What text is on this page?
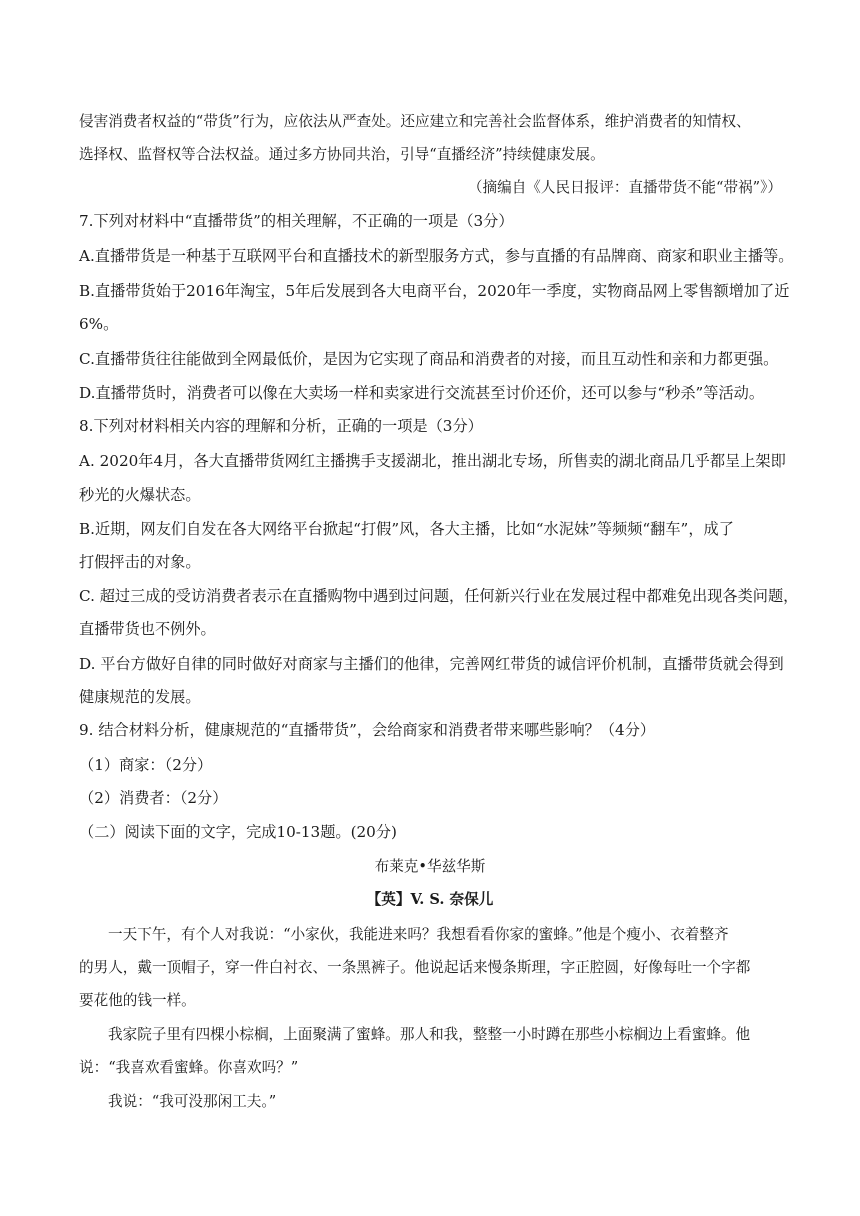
侵害消费者权益的“带货”行为，应依法从严查处。还应建立和完善社会监督体系，维护消费者的知情权、
选择权、监督权等合法权益。通过多方协同共治，引导“直播经济”持续健康发展。
（摘编自《人民日报评：直播带货不能“带祸”》）
7.下列对材料中“直播带货”的相关理解，不正确的一项是（3分）
A.直播带货是一种基于互联网平台和直播技术的新型服务方式，参与直播的有品牌商、商家和职业主播等。
B.直播带货始于2016年淘宝，5年后发展到各大电商平台，2020年一季度，实物商品网上零售额增加了近
6%。
C.直播带货往往能做到全网最低价，是因为它实现了商品和消费者的对接，而且互动性和亲和力都更强。
D.直播带货时，消费者可以像在大卖场一样和卖家进行交流甚至讨价还价，还可以参与“秒杀”等活动。
8.下列对材料相关内容的理解和分析，正确的一项是（3分）
A. 2020年4月，各大直播带货网红主播携手支援湖北，推出湖北专场，所售卖的湖北商品几乎都呈上架即
秒光的火爆状态。
B.近期，网友们自发在各大网络平台掀起“打假”风，各大主播，比如“水泥妹”等频频“翻车”，成了
打假抨击的对象。
C. 超过三成的受访消费者表示在直播购物中遇到过问题，任何新兴行业在发展过程中都难免出现各类问题，
直播带货也不例外。
D. 平台方做好自律的同时做好对商家与主播们的他律，完善网红带货的诚信评价机制，直播带货就会得到
健康规范的发展。
9. 结合材料分析，健康规范的“直播带货”，会给商家和消费者带来哪些影响？（4分）
（1）商家：（2分）
（2）消费者：（2分）
（二）阅读下面的文字，完成10-13题。(20分)
布莱克•华兹华斯
【英】V. S. 奈保儿
一天下午，有个人对我说：“小家伙，我能进来吗？我想看看你家的蜜蜂。”他是个瘦小、衣着整齐
的男人，戴一顶帽子，穿一件白衬衣、一条黑裤子。他说起话来慢条斯理，字正腔圆，好像每吐一个字都
要花他的钱一样。
我家院子里有四棵小棕榈，上面聚满了蜜蜂。那人和我，整整一小时蹲在那些小棕榈边上看蜜蜂。他
说：“我喜欢看蜜蜂。你喜欢吗？”
我说：“我可没那闲工夫。”
